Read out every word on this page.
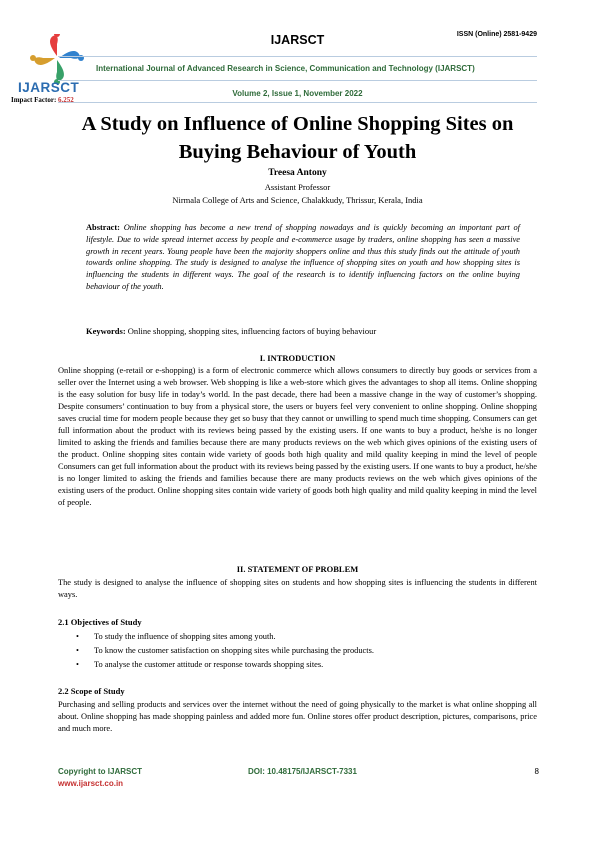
IJARSCT
Impact Factor: 6.252
IJARSCT	ISSN (Online) 2581-9429
International Journal of Advanced Research in Science, Communication and Technology (IJARSCT)
Volume 2, Issue 1, November 2022
A Study on Influence of Online Shopping Sites on
Buying Behaviour of Youth
Treesa Antony
Assistant Professor
Nirmala College of Arts and Science, Chalakkudy, Thrissur, Kerala, India
Abstract: Online shopping has become a new trend of shopping nowadays and is quickly becoming an important part of lifestyle. Due to wide spread internet access by people and e-commerce usage by traders, online shopping has seen a massive growth in recent years. Young people have been the majority shoppers online and thus this study finds out the attitude of youth towards online shopping. The study is designed to analyse the influence of shopping sites on youth and how shopping sites is influencing the students in different ways. The goal of the research is to identify influencing factors on the online buying behaviour of the youth.
Keywords: Online shopping, shopping sites, influencing factors of buying behaviour
I. INTRODUCTION
Online shopping (e-retail or e-shopping) is a form of electronic commerce which allows consumers to directly buy goods or services from a seller over the Internet using a web browser. Web shopping is like a web-store which gives the advantages to shop all items. Online shopping is the easy solution for busy life in today’s world. In the past decade, there had been a massive change in the way of customer’s shopping. Despite consumers’ continuation to buy from a physical store, the users or buyers feel very convenient to online shopping. Online shopping saves crucial time for modern people because they get so busy that they cannot or unwilling to spend much time shopping. Consumers can get full information about the product with its reviews being passed by the existing users. If one wants to buy a product, he/she is no longer limited to asking the friends and families because there are many products reviews on the web which gives opinions of the existing users of the product. Online shopping sites contain wide variety of goods both high quality and mild quality keeping in mind the level of people Consumers can get full information about the product with its reviews being passed by the existing users. If one wants to buy a product, he/she is no longer limited to asking the friends and families because there are many products reviews on the web which gives opinions of the existing users of the product. Online shopping sites contain wide variety of goods both high quality and mild quality keeping in mind the level of people.
II. STATEMENT OF PROBLEM
The study is designed to analyse the influence of shopping sites on students and how shopping sites is influencing the students in different ways.
2.1 Objectives of Study
• To study the influence of shopping sites among youth.
• To know the customer satisfaction on shopping sites while purchasing the products.
• To analyse the customer attitude or response towards shopping sites.
2.2 Scope of Study
Purchasing and selling products and services over the internet without the need of going physically to the market is what online shopping all about. Online shopping has made shopping painless and added more fun. Online stores offer product description, pictures, comparisons, price and much more.
Copyright to IJARSCT
www.ijarsct.co.in
DOI: 10.48175/IJARSCT-7331	8
